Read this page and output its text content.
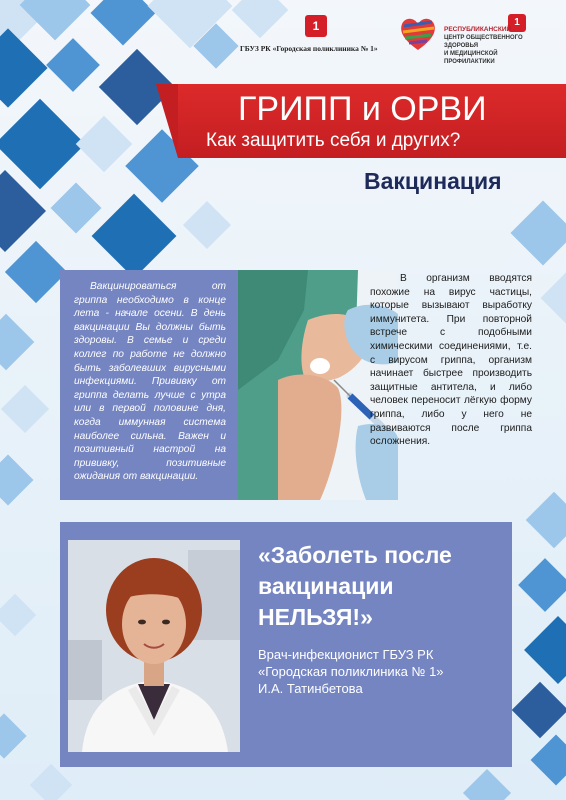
1
ГБУЗ РК «Городская поликлиника № 1»
1
РЕСПУБЛИКАНСКИЙ
ЦЕНТР ОБЩЕСТВЕННОГО ЗДОРОВЬЯ
И МЕДИЦИНСКОЙ ПРОФИЛАКТИКИ
ГРИПП и ОРВИ
Как защитить себя и других?
Вакцинация

Вакцинироваться от гриппа необходимо в конце лета - начале осени. В день вакцинации Вы должны быть здоровы. В семье и среди коллег по работе не должно быть заболевших вирусными инфекциями. Прививку от гриппа делать лучше с утра или в первой половине дня, когда иммунная система наиболее сильна. Важен и позитивный настрой на прививку, позитивные ожидания от вакцинации.

В организм вводятся похожие на вирус частицы, которые вызывают выработку иммунитета. При повторной встрече с подобными химическими соединениями, т.е. с вирусом гриппа, организм начинает быстрее производить защитные антитела, и либо человек переносит лёгкую форму гриппа, либо у него не развиваются после гриппа осложнения.

«Заболеть после вакцинации НЕЛЬЗЯ!»
Врач-инфекционист ГБУЗ РК
«Городская поликлиника № 1»
И.А. Татинбетова
